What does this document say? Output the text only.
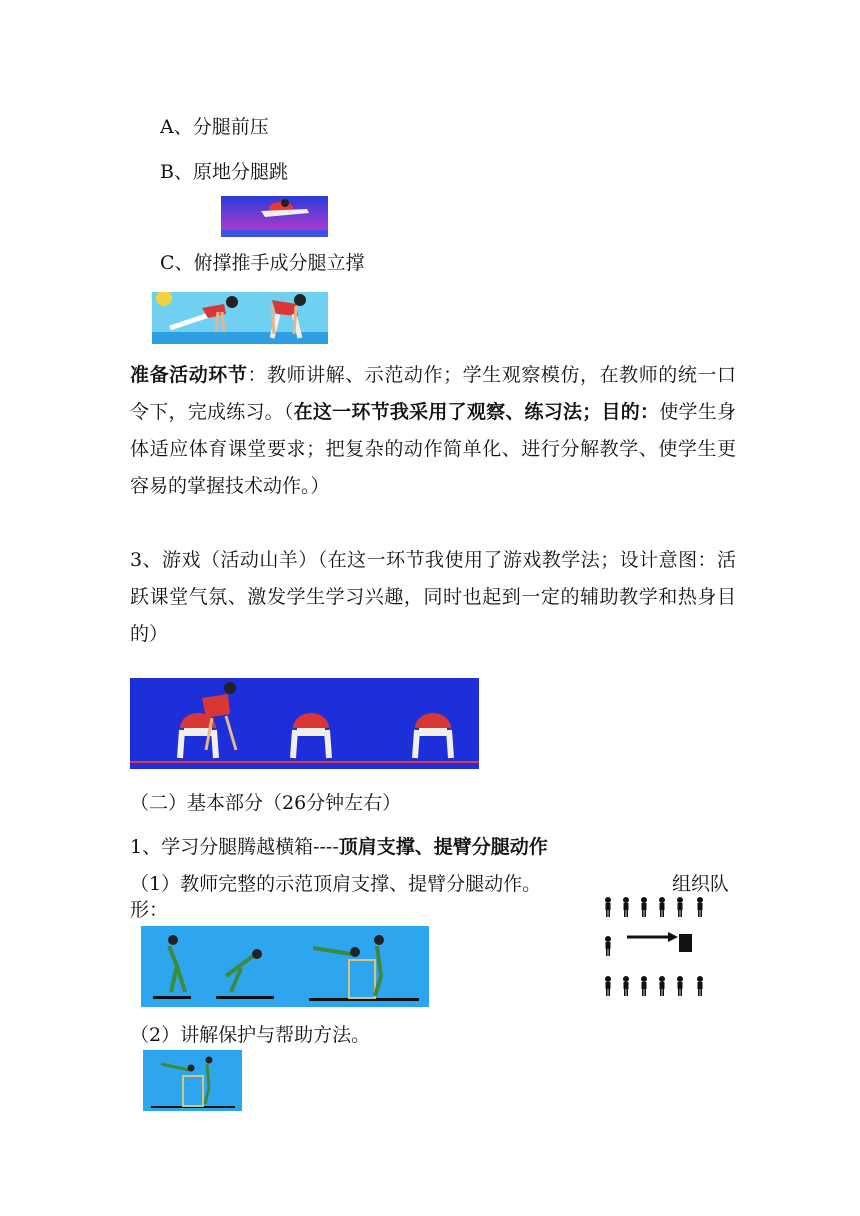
A、分腿前压
B、原地分腿跳
C、俯撑推手成分腿立撑
准备活动环节：教师讲解、示范动作；学生观察模仿，在教师的统一口令下，完成练习。（在这一环节我采用了观察、练习法；目的：使学生身体适应体育课堂要求；把复杂的动作简单化、进行分解教学、使学生更容易的掌握技术动作。）
3、游戏（活动山羊）（在这一环节我使用了游戏教学法；设计意图：活跃课堂气氛、激发学生学习兴趣，同时也起到一定的辅助教学和热身目的）
（二）基本部分（26分钟左右）
1、学习分腿腾越横箱----顶肩支撑、提臂分腿动作
（1）教师完整的示范顶肩支撑、提臂分腿动作。	组织队
形：
（2）讲解保护与帮助方法。
